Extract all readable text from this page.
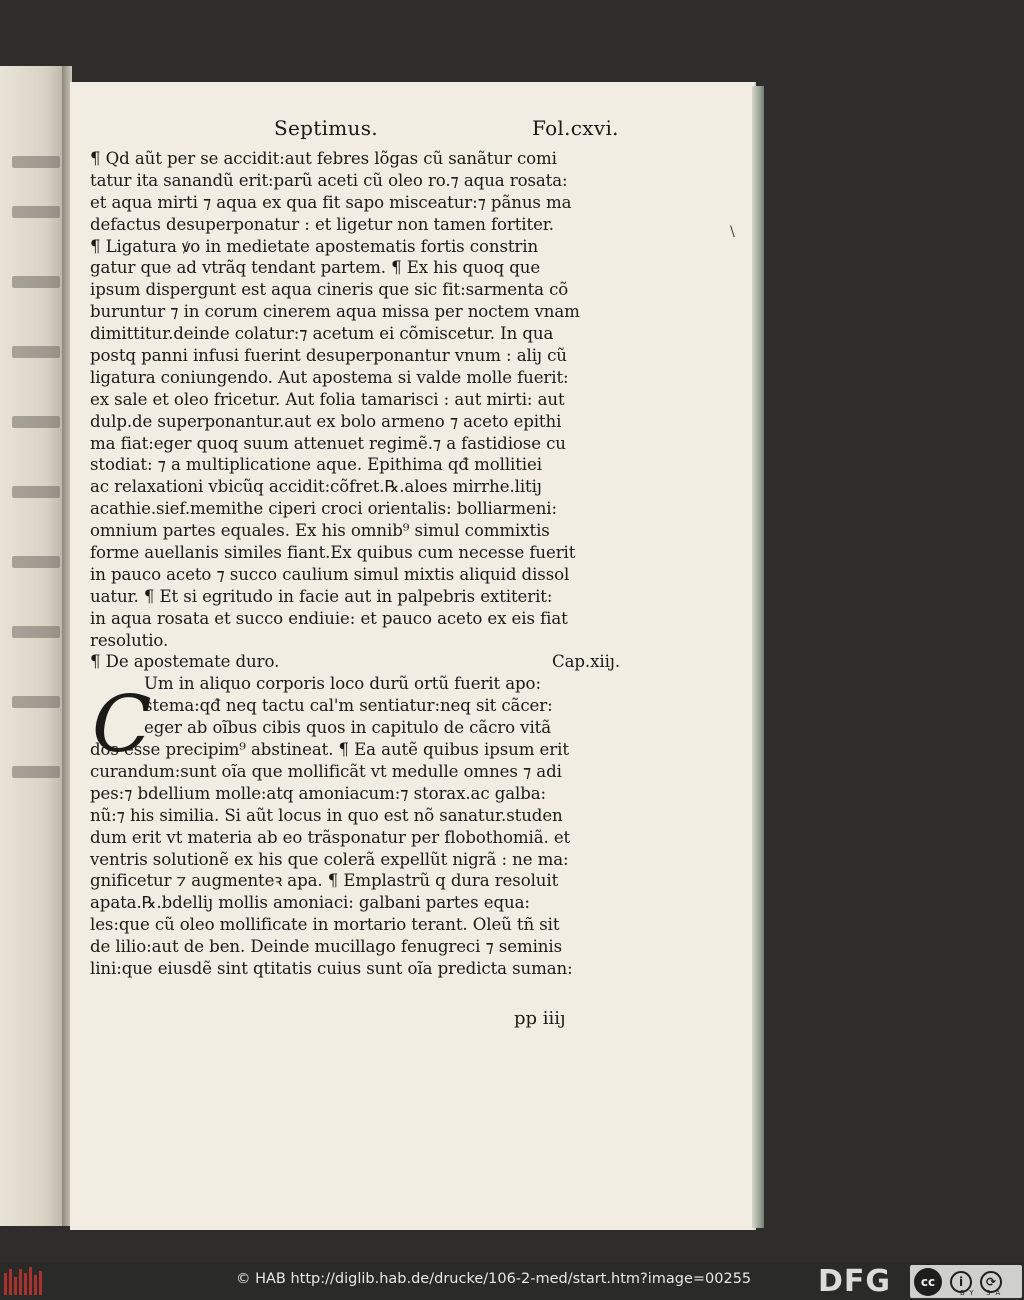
Septimus.	Fol.cxvi.
¶ Qd aũt per se accidit:aut febres lõgas cũ sanãtur comi
tatur ita sanandũ erit:parũ aceti cũ oleo ro.⁊ aqua rosata:
et aqua mirti ⁊ aqua ex qua fit sapo misceatur:⁊ pãnus ma
defactus desuperponatur : et ligetur non tamen fortiter.
¶ Ligatura ꝟo in medietate apostematis fortis constrin
gatur que ad vtrãq tendant partem. ¶ Ex his quoq que
ipsum dispergunt est aqua cineris que sic fit:sarmenta cõ
buruntur ⁊ in corum cinerem aqua missa per noctem vnam
dimittitur.deinde colatur:⁊ acetum ei cõmiscetur. In qua
postq panni infusi fuerint desuperponantur vnum : aliȷ cũ
ligatura coniungendo. Aut apostema si valde molle fuerit:
ex sale et oleo fricetur. Aut folia tamarisci : aut mirti: aut
dulp.de superponantur.aut ex bolo armeno ⁊ aceto epithi
ma fiat:eger quoq suum attenuet regimẽ.⁊ a fastidiose cu
stodiat: ⁊ a multiplicatione aque. Epithima qđ mollitiei
ac relaxationi vbicũq accidit:cõfret.℞.aloes mirrhe.litiȷ
acathie.sief.memithe ciperi croci orientalis: bolliarmeni:
omnium partes equales. Ex his omnib⁹ simul commixtis
forme auellanis similes fiant.Ex quibus cum necesse fuerit
in pauco aceto ⁊ succo caulium simul mixtis aliquid dissol
uatur. ¶ Et si egritudo in facie aut in palpebris extiterit:
in aqua rosata et succo endiuie: et pauco aceto ex eis fiat
resolutio.
¶ De apostemate duro.	Cap.xiiȷ.
Um in aliquo corporis loco durũ ortũ fuerit apo:
stema:qđ neq tactu cal'm sentiatur:neq sit cãcer:
eger ab oĩbus cibis quos in capitulo de cãcro vitã
dos esse precipim⁹ abstineat. ¶ Ea autẽ quibus ipsum erit
curandum:sunt oĩa que mollificãt vt medulle omnes ⁊ adi
pes:⁊ bdellium molle:atq amoniacum:⁊ storax.ac galba:
nũ:⁊ his similia. Si aũt locus in quo est nõ sanatur.studen
dum erit vt materia ab eo trãsponatur per flobothomiã. et
ventris solutionẽ ex his que colerã expellũt nigrã : ne ma:
gnificetur ⁊ augmenteꝛ apa. ¶ Emplastrũ q dura resoluit
apata.℞.bdelliȷ mollis amoniaci: galbani partes equa:
les:que cũ oleo mollificate in mortario terant. Oleũ tñ sit
de lilio:aut de ben. Deinde mucillago fenugreci ⁊ seminis
lini:que eiusdẽ sint qtitatis cuius sunt oĩa predicta suman:
C
\
pp iiiȷ
© HAB http://diglib.hab.de/drucke/106-2-med/start.htm?image=00255 DFG	cc	i	⟳
BY SA
